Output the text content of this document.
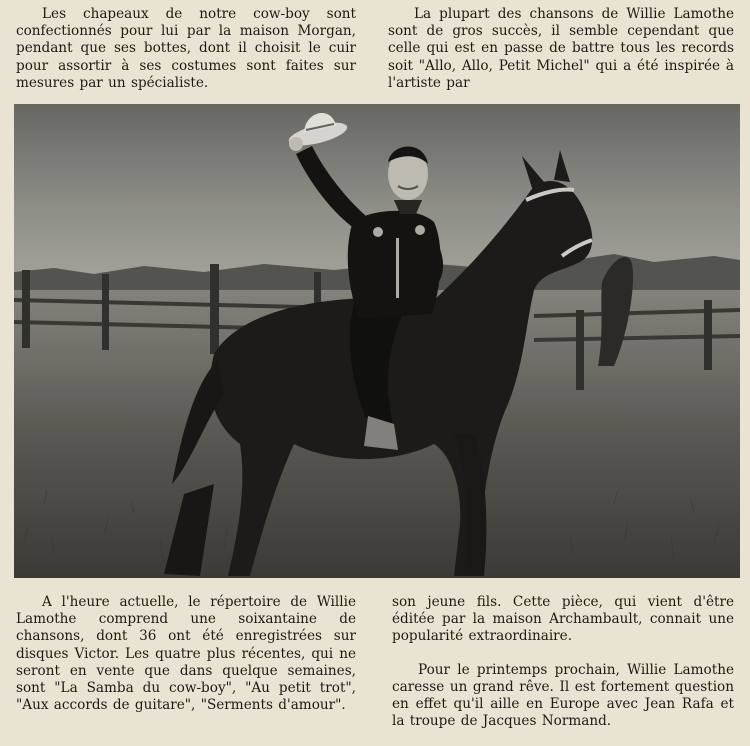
Les chapeaux de notre cow-boy sont confectionnés pour lui par la maison Morgan, pendant que ses bottes, dont il choisit le cuir pour assortir à ses costumes sont faites sur mesures par un spécialiste.

La plupart des chansons de Willie Lamothe sont de gros succès, il semble cependant que celle qui est en passe de battre tous les records soit "Allo, Allo, Petit Michel" qui a été inspirée à l'artiste par

A l'heure actuelle, le répertoire de Willie Lamothe comprend une soixantaine de chansons, dont 36 ont été enregistrées sur disques Victor. Les quatre plus récentes, qui ne seront en vente que dans quelque semaines, sont "La Samba du cow-boy", "Au petit trot", "Aux accords de guitare", "Serments d'amour".

son jeune fils. Cette pièce, qui vient d'être éditée par la maison Archambault, connait une popularité extraordinaire.

Pour le printemps prochain, Willie Lamothe caresse un grand rêve. Il est fortement question en effet qu'il aille en Europe avec Jean Rafa et la troupe de Jacques Normand.
